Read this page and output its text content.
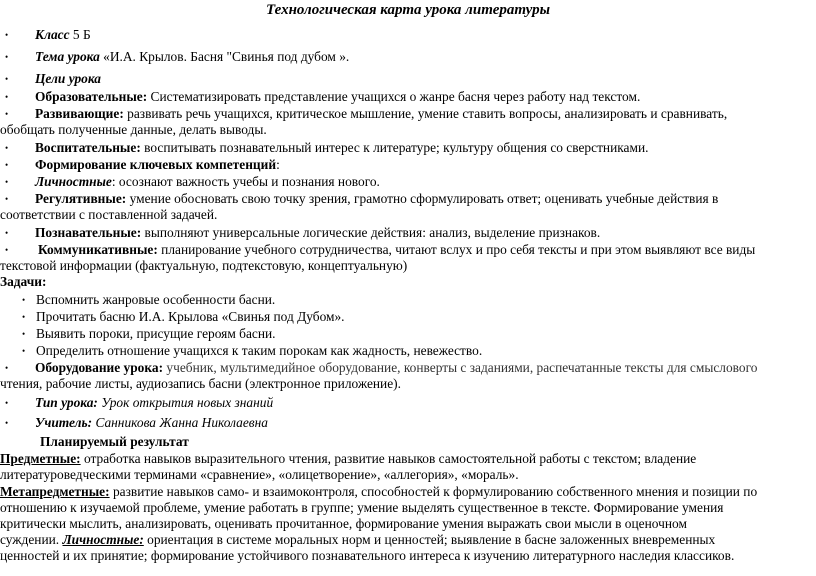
Технологическая карта урока литературы
• Класс 5 Б
• Тема урока «И.А. Крылов. Басня "Свинья под дубом ».
• Цели урока
• Образовательные: Систематизировать представление учащихся о жанре басня через работу над текстом.
• Развивающие: развивать речь учащихся, критическое мышление, умение ставить вопросы, анализировать и сравнивать,
обобщать полученные данные, делать выводы.
• Воспитательные: воспитывать познавательный интерес к литературе; культуру общения со сверстниками.
• Формирование ключевых компетенций:
• Личностные: осознают важность учебы и познания нового.
• Регулятивные: умение обосновать свою точку зрения, грамотно сформулировать ответ; оценивать учебные действия в
соответствии с поставленной задачей.
• Познавательные: выполняют универсальные логические действия: анализ, выделение признаков.
• Коммуникативные: планирование учебного сотрудничества, читают вслух и про себя тексты и при этом выявляют все виды
текстовой информации (фактуальную, подтекстовую, концептуальную)
Задачи:
• Вспомнить жанровые особенности басни.
• Прочитать басню И.А. Крылова «Свинья под Дубом».
• Выявить пороки, присущие героям басни.
• Определить отношение учащихся к таким порокам как жадность, невежество.
• Оборудование урока: учебник, мультимедийное оборудование, конверты с заданиями, распечатанные тексты для смыслового
чтения, рабочие листы, аудиозапись басни (электронное приложение).
• Тип урока: Урок открытия новых знаний
• Учитель: Санникова Жанна Николаевна
Планируемый результат
Предметные: отработка навыков выразительного чтения, развитие навыков самостоятельной работы с текстом; владение
литературоведческими терминами «сравнение», «олицетворение», «аллегория», «мораль».
Метапредметные: развитие навыков само- и взаимоконтроля, способностей к формулированию собственного мнения и позиции по
отношению к изучаемой проблеме, умение работать в группе; умение выделять существенное в тексте. Формирование умения
критически мыслить, анализировать, оценивать прочитанное, формирование умения выражать свои мысли в оценочном
суждении. Личностные: ориентация в системе моральных норм и ценностей; выявление в басне заложенных вневременных
ценностей и их принятие; формирование устойчивого познавательного интереса к изучению литературного наследия классиков.
